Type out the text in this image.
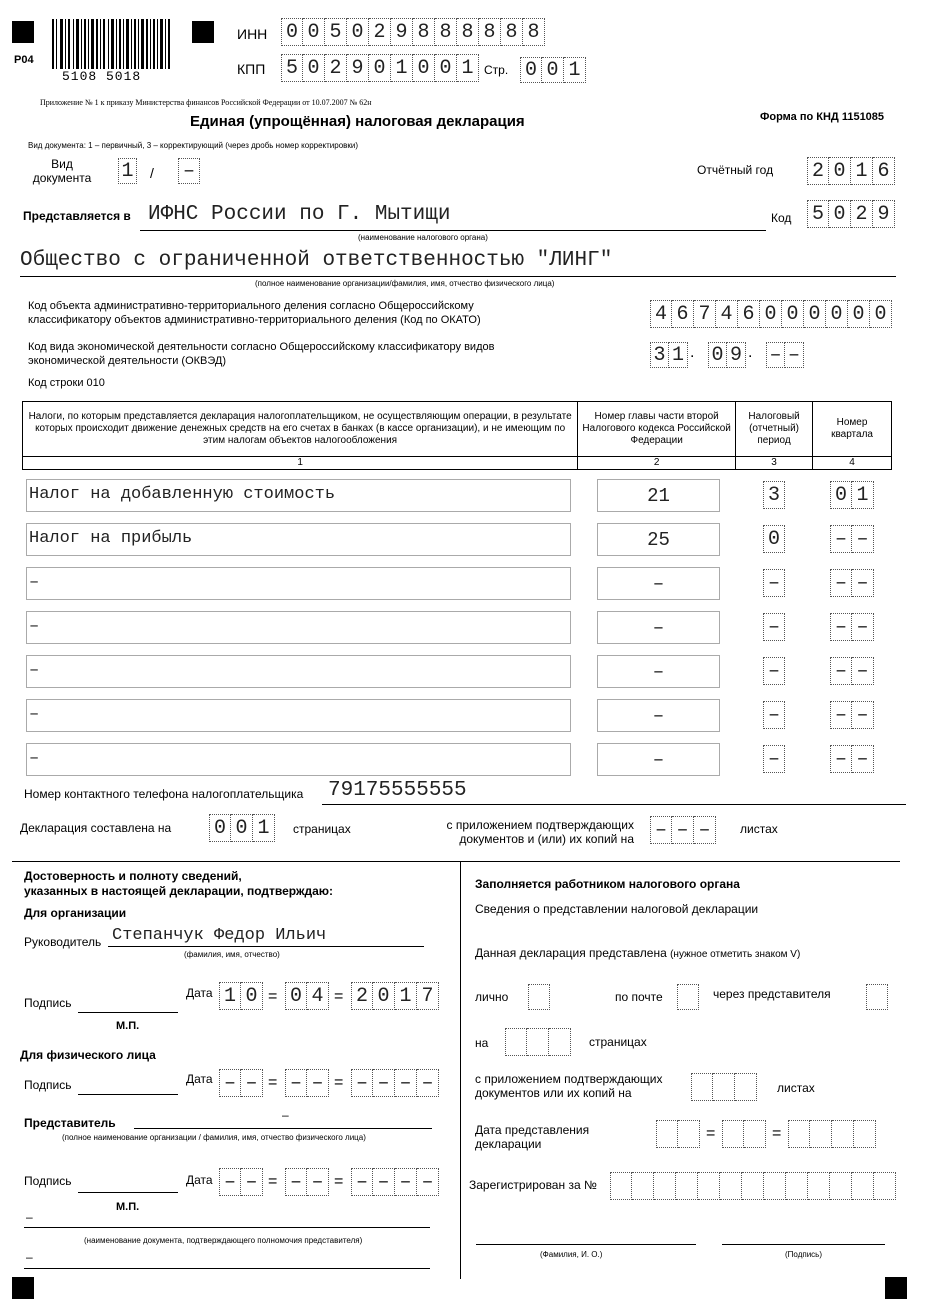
5108 5018
P04
ИНН 0 0 5 0 2 9 8 8 8 8 8 8
КПП 5 0 2 9 0 1 0 0 1 Стр. 0 0 1
Приложение № 1 к приказу Министерства финансов Российской Федерации от 10.07.2007 № 62н
Единая (упрощённая) налоговая декларация	Форма по КНД 1151085
Вид документа: 1 – первичный, 3 – корректирующий (через дробь номер корректировки)
Вид
документа 1 / –	Отчётный год 2 0 1 6
Представляется в ИФНС России по Г. Мытищи
(наименование налогового органа)
Код 5 0 2 9
Общество с ограниченной ответственностью "ЛИНГ"
(полное наименование организации/фамилия, имя, отчество физического лица)
Код объекта административно-территориального деления согласно Общероссийскому
классификатору объектов административно-территориального деления (Код по ОКАТО)	4 6 7 4 6 0 0 0 0 0 0
Код вида экономической деятельности согласно Общероссийскому классификатору видов
экономической деятельности (ОКВЭД)	3 1 . 0 9 . – –
Код строки 010
Налоги, по которым представляется декларация налогоплательщиком, не осуществляющим операции, в результате которых происходит движение денежных средств на его счетах в банках (в кассе организации), и не имеющим по этим налогам объектов налогообложения	Номер главы части второй Налогового кодекса Российской Федерации	Налоговый (отчетный) период	Номер квартала
1	2	3	4
Налог на добавленную стоимость	21	3	0 1
Налог на прибыль	25	0	– –
–	–	–	– –
–	–	–	– –
–	–	–	– –
–	–	–	– –
–	–	–	– –
Номер контактного телефона налогоплательщика 79175555555
Декларация составлена на 0 0 1	страницах	с приложением подтверждающих
документов и (или) их копий на – – –	листах
Достоверность и полноту сведений,
указанных в настоящей декларации, подтверждаю:
Для организации
Руководитель Степанчук Федор Ильич
(фамилия, имя, отчество)
Подпись
Дата 1 0 = 0 4 = 2 0 1 7
М.П.
Для физического лица
Подпись	Дата – – = – – = – – – –
Представитель
–
(полное наименование организации / фамилия, имя, отчество физического лица)
Подпись	Дата – – = – – = – – – –
М.П.
–
(наименование документа, подтверждающего полномочия представителя)
–
Заполняется работником налогового органа
Сведения о представлении налоговой декларации
Данная декларация представлена (нужное отметить знаком V)
лично	по почте	через представителя
на	страницах
с приложением подтверждающих
документов или их копий на	листах
Дата представления
декларации
=	=
Зарегистрирован за №
(Фамилия, И. О.)	(Подпись)
